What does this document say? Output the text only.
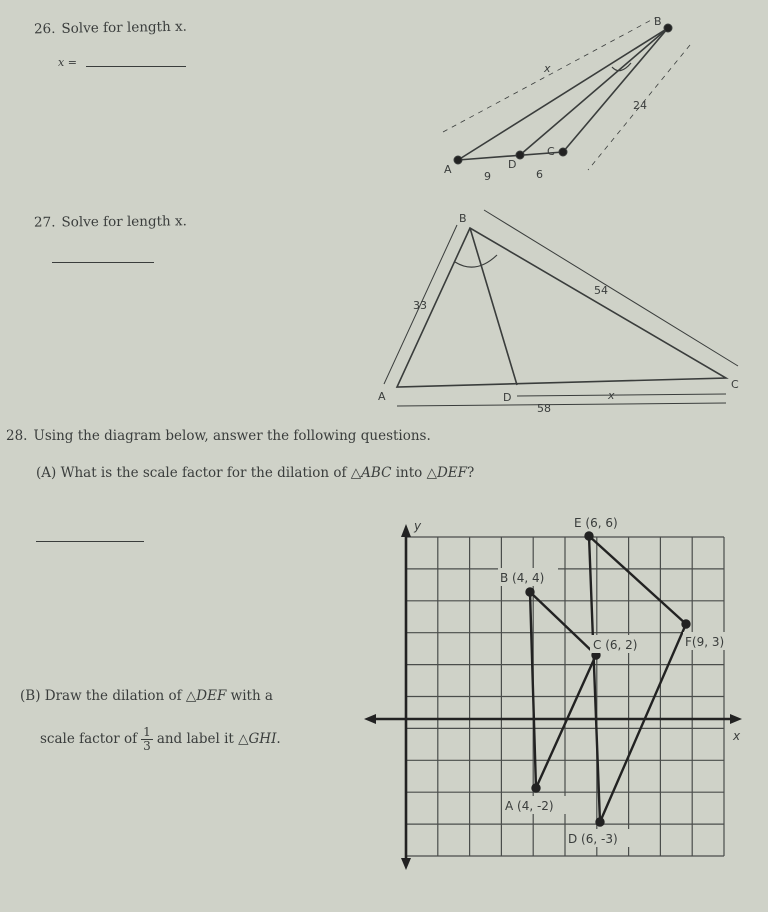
26. Solve for length x.
x =
27. Solve for length x.
28. Using the diagram below, answer the following questions.
(A) What is the scale factor for the dilation of △ABC into △DEF?
(B) Draw the dilation of △DEF with a
scale factor of $\frac{1}{3}$ and label it △GHI.
B
x
24
A	D
C
9	6
B
33
54
A	D
C
x
58
y
x
E (6, 6)
B (4, 4)
C (6, 2)	F(9, 3)
A (4, -2)
D (6, -3)
